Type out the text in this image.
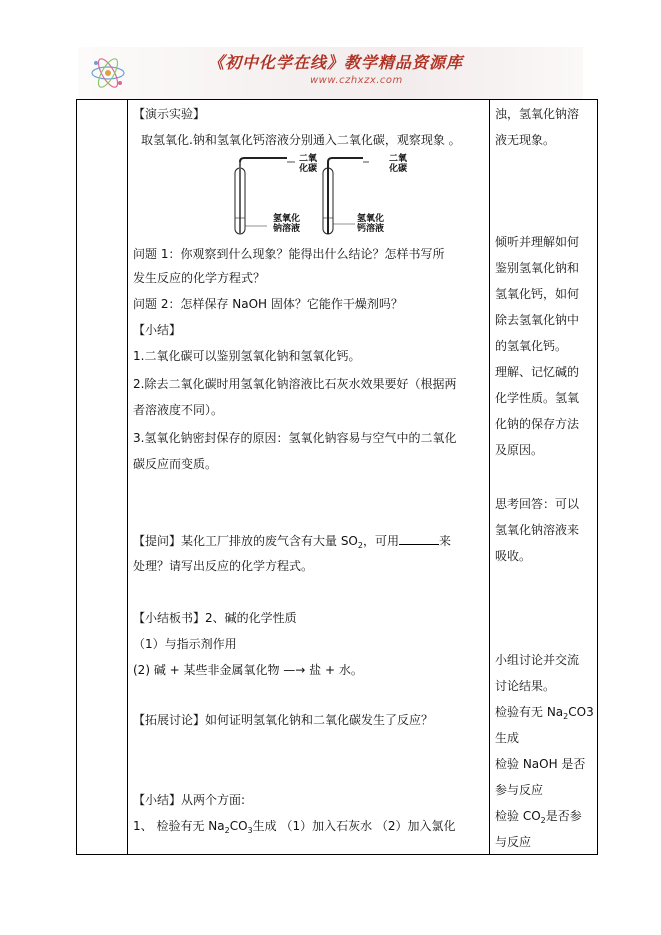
《初中化学在线》教学精品资源库
www.czhxzx.com
【演示实验】
取氢氧化.钠和氢氧化钙溶液分别通入二氧化碳，观察现象 。
二氧
化碳
二氧
化碳
氢氧化
钠溶液
氢氧化
钙溶液
问题 1：你观察到什么现象？能得出什么结论？怎样书写所
发生反应的化学方程式？
问题 2：怎样保存 NaOH 固体？它能作干燥剂吗？
【小结】
1.二氧化碳可以鉴别氢氧化钠和氢氧化钙。
2.除去二氧化碳时用氢氧化钠溶液比石灰水效果要好（根据两
者溶液度不同）。
3.氢氧化钠密封保存的原因：氢氧化钠容易与空气中的二氧化
碳反应而变质。
【提问】某化工厂排放的废气含有大量 $SO_2$，可用	来
处理？请写出反应的化学方程式。
【小结板书】2、碱的化学性质
（1）与指示剂作用
(2) 碱 + 某些非金属氧化物 —→ 盐 + 水。
【拓展讨论】如何证明氢氧化钠和二氧化碳发生了反应？
【小结】从两个方面:
1、 检验有无 $Na_2CO_3$生成 （1）加入石灰水 （2）加入氯化
浊，氢氧化钠溶
液无现象。
倾听并理解如何
鉴别氢氧化钠和
氢氧化钙，如何
除去氢氧化钠中
的氢氧化钙。
理解、记忆碱的
化学性质。氢氧
化钠的保存方法
及原因。
思考回答：可以
氢氧化钠溶液来
吸收。
小组讨论并交流
讨论结果。
检验有无 $Na_2CO3$
生成
检验 NaOH 是否
参与反应
检验 $CO_2$是否参
与反应
